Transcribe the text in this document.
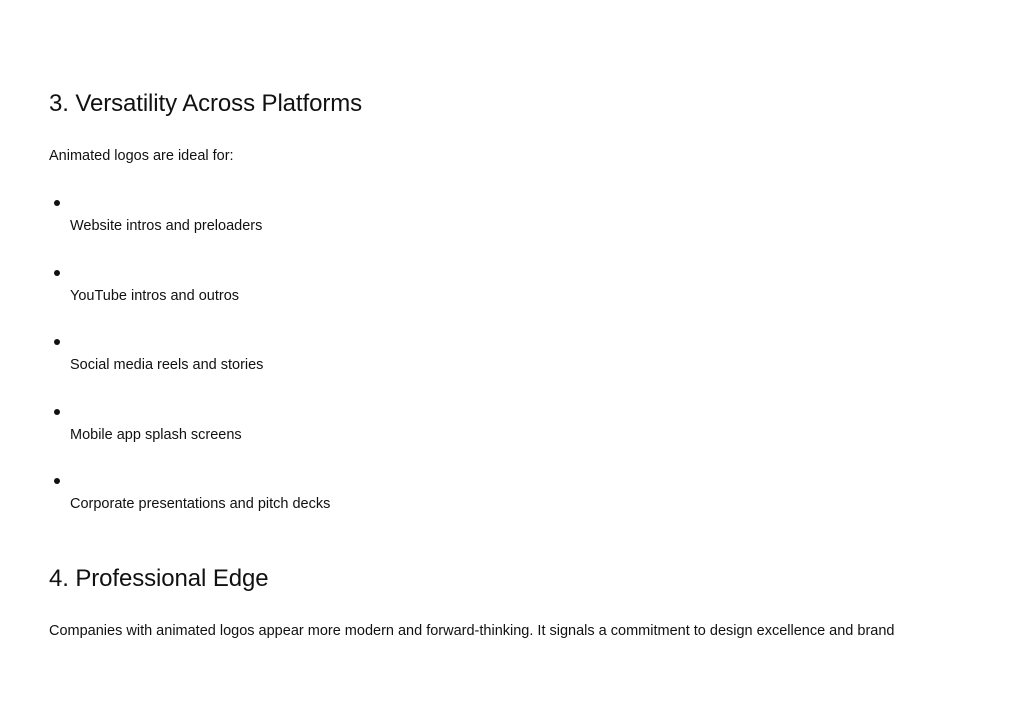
3. Versatility Across Platforms

Animated logos are ideal for:

Website intros and preloaders
YouTube intros and outros
Social media reels and stories
Mobile app splash screens
Corporate presentations and pitch decks
4. Professional Edge

Companies with animated logos appear more modern and forward-thinking. It signals a commitment to design excellence and brand
